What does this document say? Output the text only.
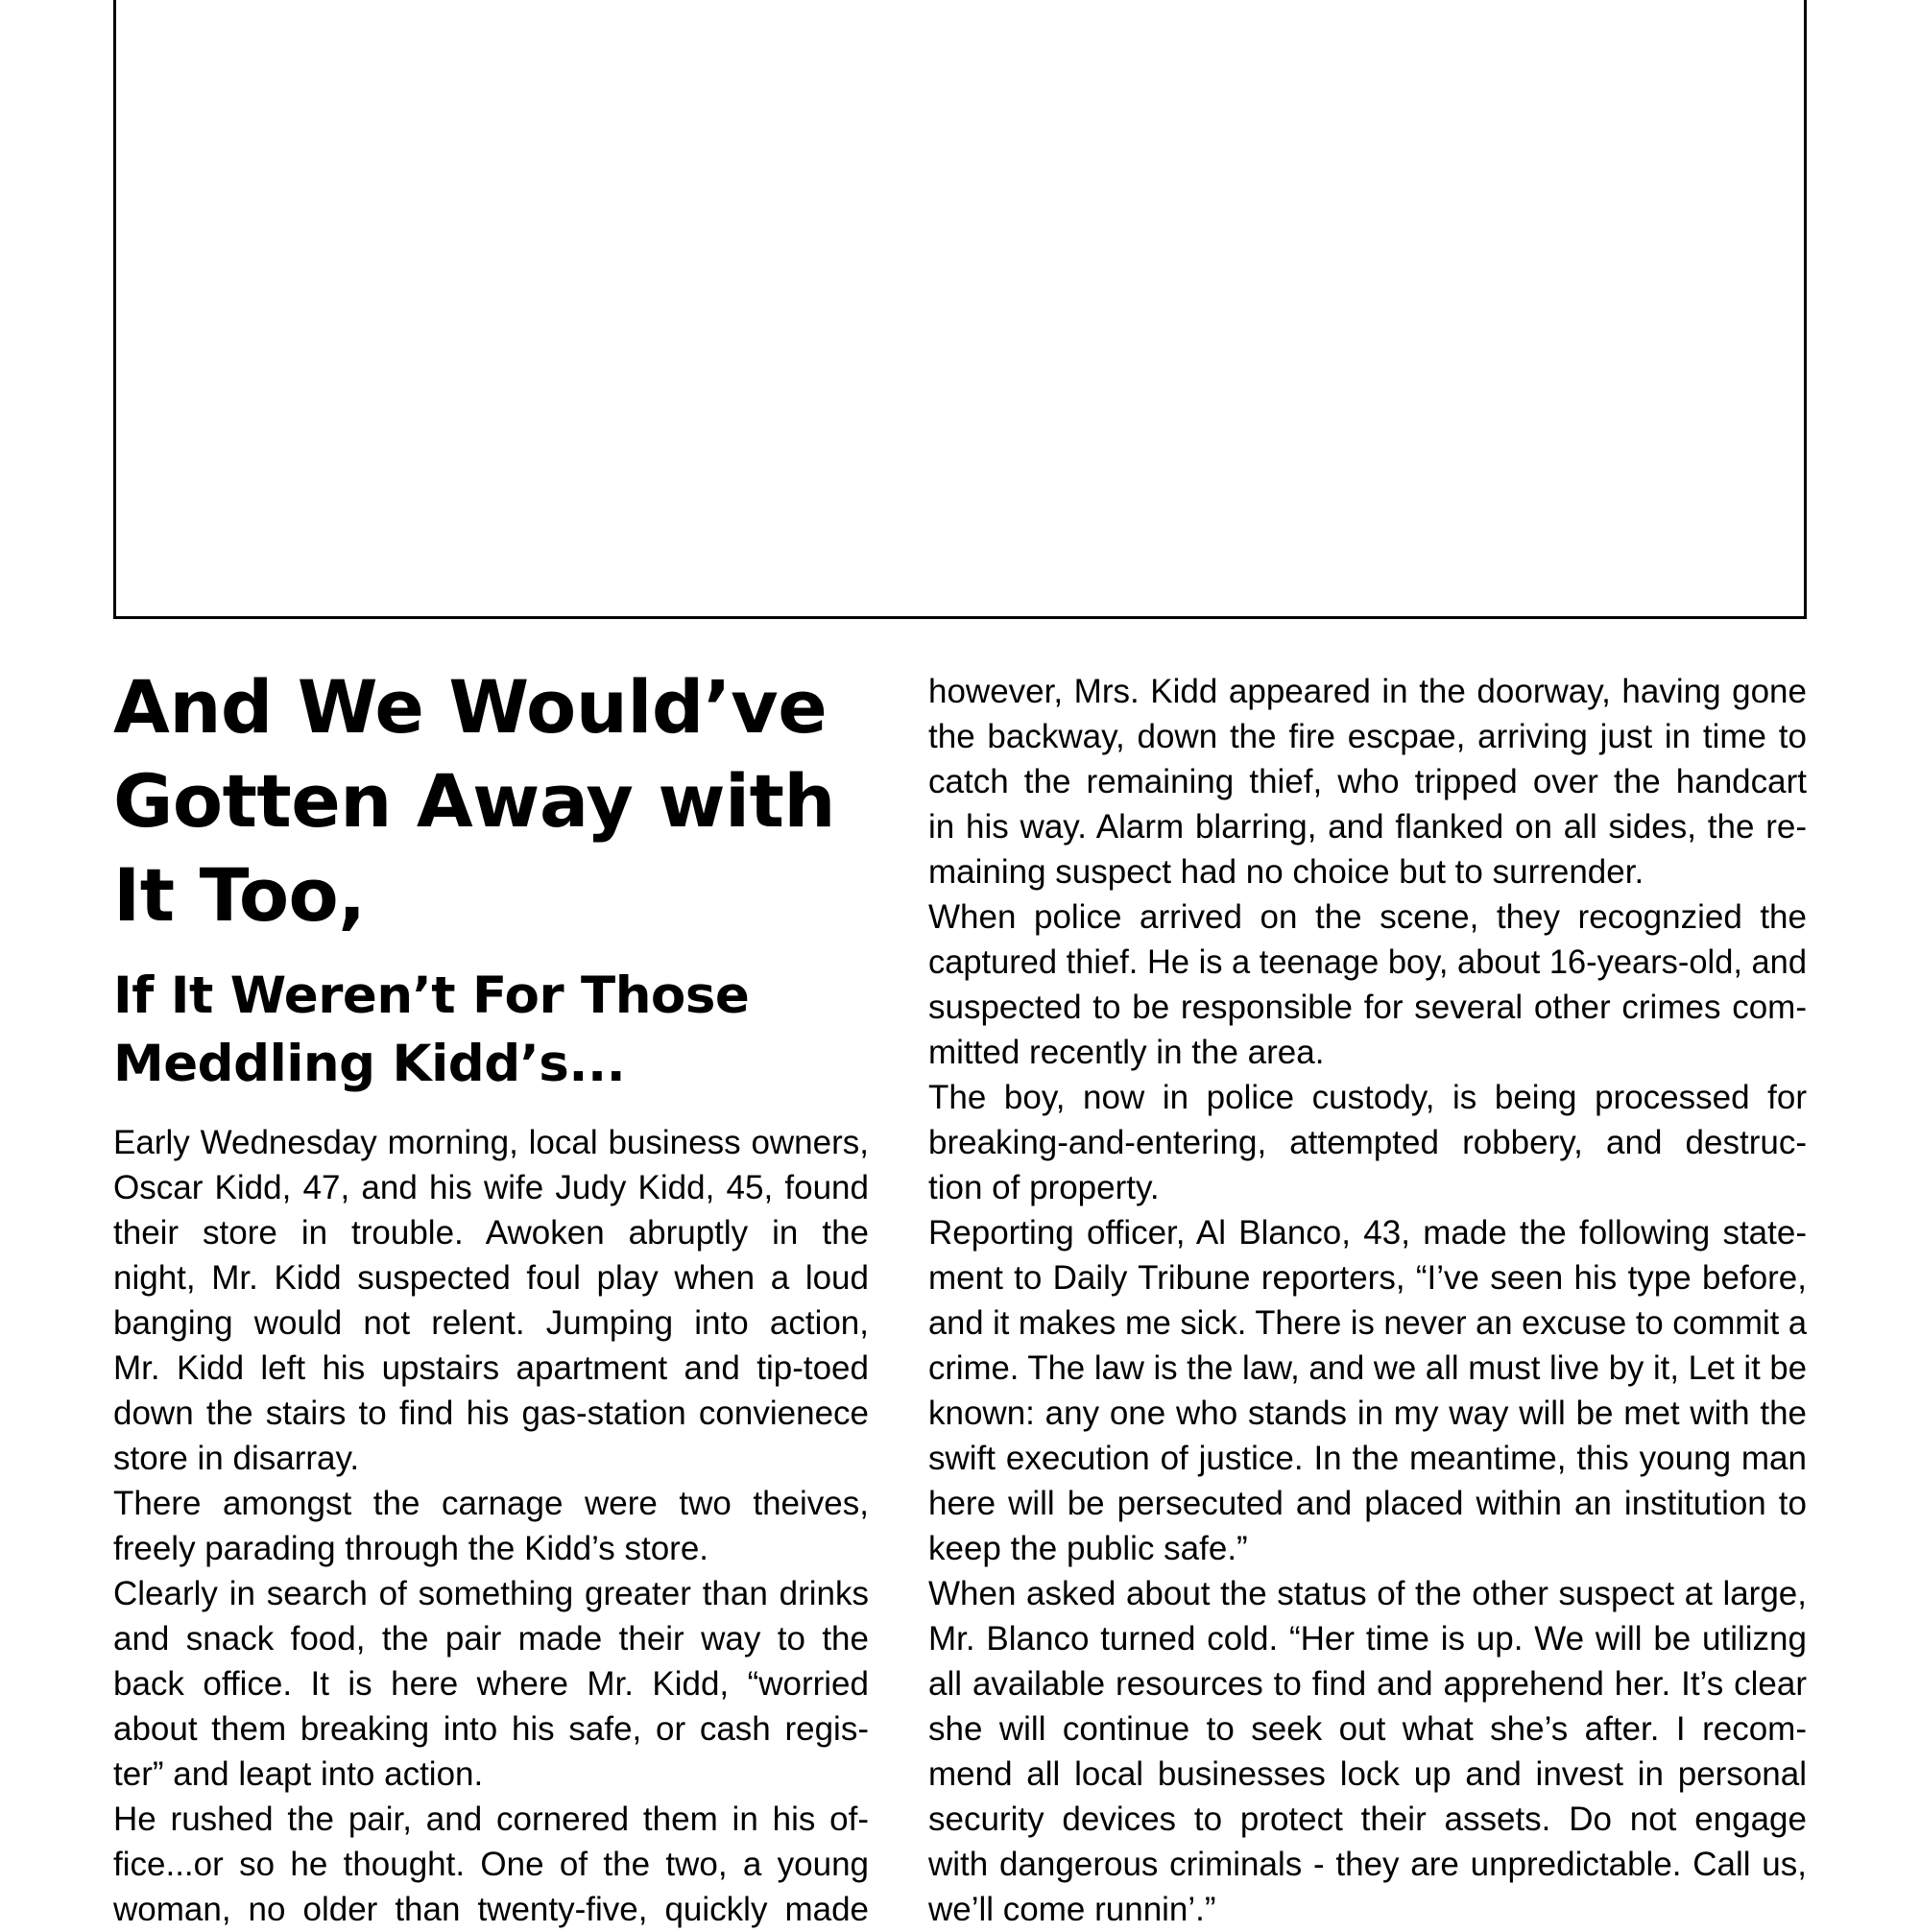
And We Would’ve
Gotten Away with
It Too,
If It Weren’t For Those
Meddling Kidd’s...
Early Wednesday morning, local business owners,
Oscar Kidd, 47, and his wife Judy Kidd, 45, found
their store in trouble. Awoken abruptly in the
night, Mr. Kidd suspected foul play when a loud
banging would not relent. Jumping into action,
Mr. Kidd left his upstairs apartment and tip-toed
down the stairs to find his gas-station convienece
store in disarray.
There amongst the carnage were two theives,
freely parading through the Kidd’s store.
Clearly in search of something greater than drinks
and snack food, the pair made their way to the
back office. It is here where Mr. Kidd, “worried
about them breaking into his safe, or cash regis-
ter” and leapt into action.
He rushed the pair, and cornered them in his of-
fice...or so he thought. One of the two, a young
woman, no older than twenty-five, quickly made
however, Mrs. Kidd appeared in the doorway, having gone
the backway, down the fire escpae, arriving just in time to
catch the remaining thief, who tripped over the handcart
in his way. Alarm blarring, and flanked on all sides, the re-
maining suspect had no choice but to surrender.
When police arrived on the scene, they recognzied the
captured thief. He is a teenage boy, about 16-years-old, and
suspected to be responsible for several other crimes com-
mitted recently in the area.
The boy, now in police custody, is being processed for
breaking-and-entering, attempted robbery, and destruc-
tion of property.
Reporting officer, Al Blanco, 43, made the following state-
ment to Daily Tribune reporters, “I’ve seen his type before,
and it makes me sick. There is never an excuse to commit a
crime. The law is the law, and we all must live by it, Let it be
known: any one who stands in my way will be met with the
swift execution of justice. In the meantime, this young man
here will be persecuted and placed within an institution to
keep the public safe.”
When asked about the status of the other suspect at large,
Mr. Blanco turned cold. “Her time is up. We will be utilizng
all available resources to find and apprehend her. It’s clear
she will continue to seek out what she’s after. I recom-
mend all local businesses lock up and invest in personal
security devices to protect their assets. Do not engage
with dangerous criminals - they are unpredictable. Call us,
we’ll come runnin’.”
